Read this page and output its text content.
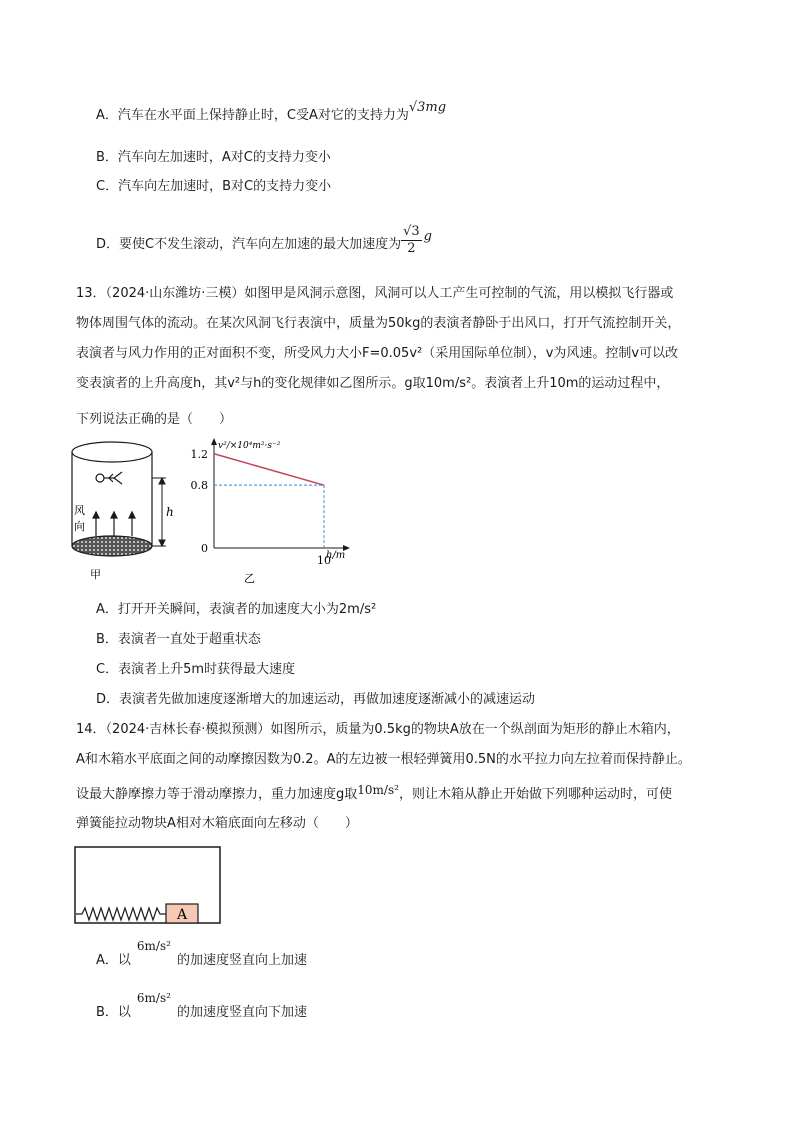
A．汽车在水平面上保持静止时，C受A对它的支持力为√3mg
B．汽车向左加速时，A对C的支持力变小
C．汽车向左加速时，B对C的支持力变小
D．要使C不发生滚动，汽车向左加速的最大加速度为 $\frac{√3}{2}$ g
13．（2024·山东潍坊·三模）如图甲是风洞示意图，风洞可以人工产生可控制的气流，用以模拟飞行器或
物体周围气体的流动。在某次风洞飞行表演中，质量为50kg的表演者静卧于出风口，打开气流控制开关，
表演者与风力作用的正对面积不变，所受风力大小F=0.05v²（采用国际单位制），v为风速。控制v可以改
变表演者的上升高度h，其v²与h的变化规律如乙图所示。g取10m/s²。表演者上升10m的运动过程中，
下列说法正确的是（　　）
风
向
h
甲
1.2
0.8
0
10
h/m
v²/×10⁴m²·s⁻²
乙
A．打开开关瞬间，表演者的加速度大小为2m/s²
B．表演者一直处于超重状态
C．表演者上升5m时获得最大速度
D．表演者先做加速度逐渐增大的加速运动，再做加速度逐渐减小的减速运动
14．（2024·吉林长春·模拟预测）如图所示，质量为0.5kg的物块A放在一个纵剖面为矩形的静止木箱内，
A和木箱水平底面之间的动摩擦因数为0.2。A的左边被一根轻弹簧用0.5N的水平拉力向左拉着而保持静止。
设最大静摩擦力等于滑动摩擦力，重力加速度g取10m/s²，则让木箱从静止开始做下列哪种运动时，可使
弹簧能拉动物块A相对木箱底面向左移动（　　）
A
A．以6m/s²的加速度竖直向上加速
B．以6m/s²的加速度竖直向下加速
